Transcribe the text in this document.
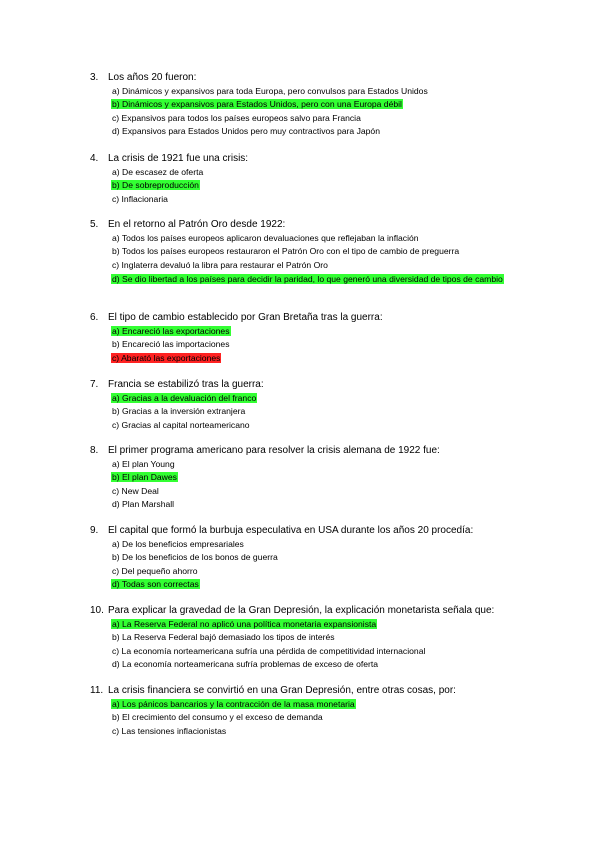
3. Los años 20 fueron:
a) Dinámicos y expansivos para toda Europa, pero convulsos para Estados Unidos
b) Dinámicos y expansivos para Estados Unidos, pero con una Europa débil
c) Expansivos para todos los países europeos salvo para Francia
d) Expansivos para Estados Unidos pero muy contractivos para Japón
4. La crisis de 1921 fue una crisis:
a) De escasez de oferta
b) De sobreproducción
c) Inflacionaria
5. En el retorno al Patrón Oro desde 1922:
a) Todos los países europeos aplicaron devaluaciones que reflejaban la inflación
b) Todos los países europeos restauraron el Patrón Oro con el tipo de cambio de preguerra
c) Inglaterra devaluó la libra para restaurar el Patrón Oro
d) Se dio libertad a los países para decidir la paridad, lo que generó una diversidad de tipos de cambio
6. El tipo de cambio establecido por Gran Bretaña tras la guerra:
a) Encareció las exportaciones
b) Encareció las importaciones
c) Abarató las exportaciones
7. Francia se estabilizó tras la guerra:
a) Gracias a la devaluación del franco
b) Gracias a la inversión extranjera
c) Gracias al capital norteamericano
8. El primer programa americano para resolver la crisis alemana de 1922 fue:
a) El plan Young
b) El plan Dawes
c) New Deal
d) Plan Marshall
9. El capital que formó la burbuja especulativa en USA durante los años 20 procedía:
a) De los beneficios empresariales
b) De los beneficios de los bonos de guerra
c) Del pequeño ahorro
d) Todas son correctas
10. Para explicar la gravedad de la Gran Depresión, la explicación monetarista señala que:
a) La Reserva Federal no aplicó una política monetaria expansionista
b) La Reserva Federal bajó demasiado los tipos de interés
c) La economía norteamericana sufría una pérdida de competitividad internacional
d) La economía norteamericana sufría problemas de exceso de oferta
11. La crisis financiera se convirtió en una Gran Depresión, entre otras cosas, por:
a) Los pánicos bancarios y la contracción de la masa monetaria
b) El crecimiento del consumo y el exceso de demanda
c) Las tensiones inflacionistas
